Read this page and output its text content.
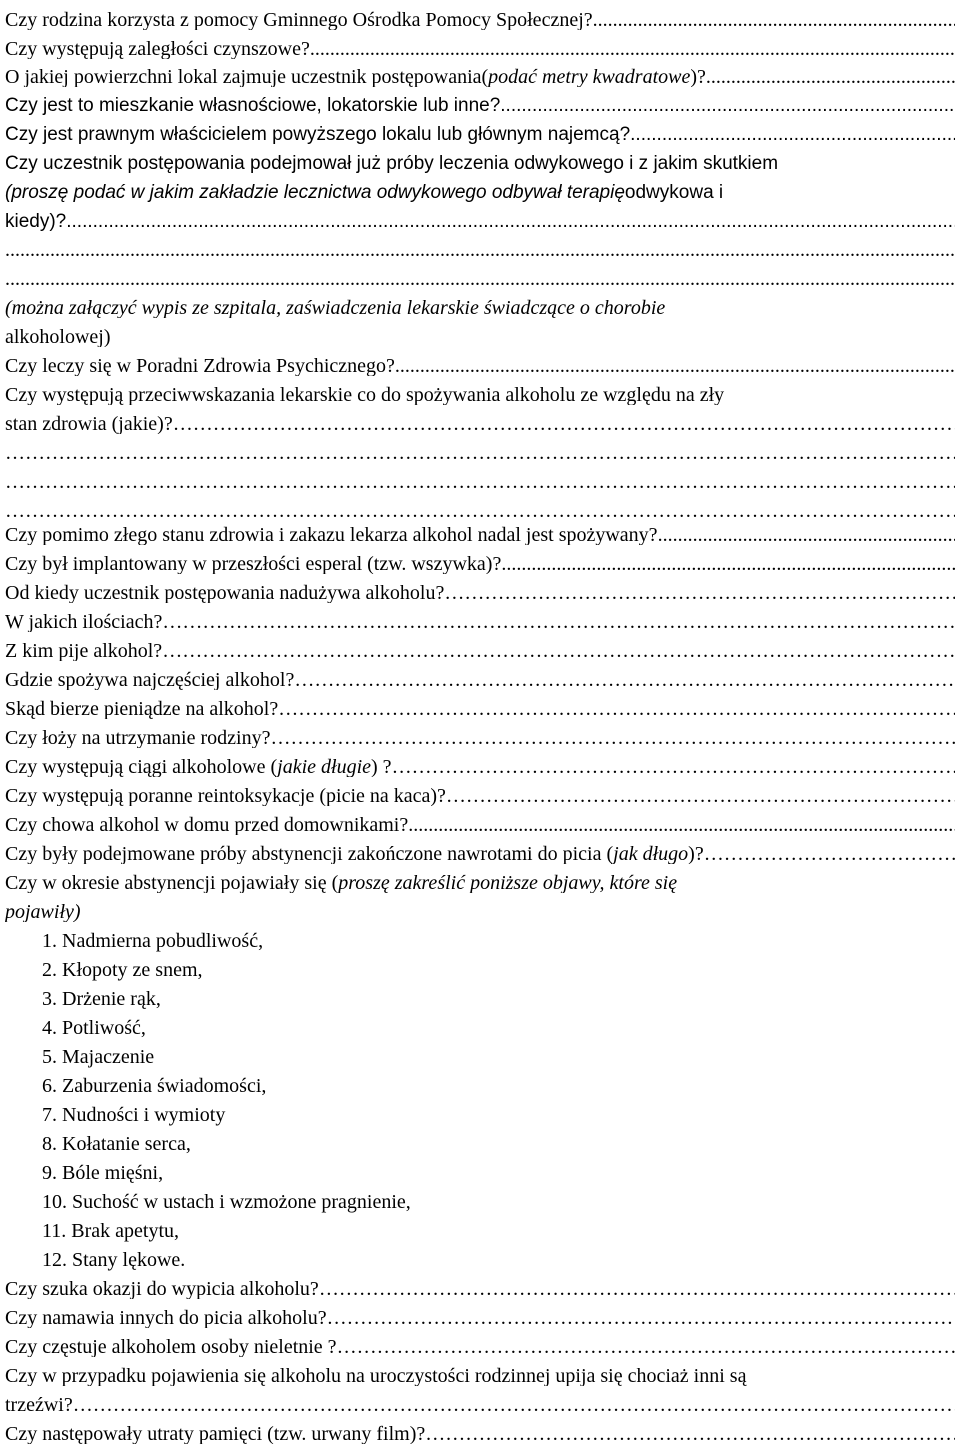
Czy rodzina korzysta z pomocy Gminnego Ośrodka Pomocy Społecznej?
.....
Czy występują zaległości czynszowe?
.....
O jakiej powierzchni lokal zajmuje uczestnik postępowania( podać metry kwadratowe )?
.....
Czy jest to mieszkanie własnościowe, lokatorskie lub inne?
.....
Czy jest prawnym właścicielem powyższego lokalu lub głównym najemcą?
.....
Czy uczestnik postępowania podejmował już próby leczenia odwykowego i z jakim skutkiem
(proszę podać w jakim zakładzie lecznictwa odwykowego odbywał terapię odwykowa i
kiedy)?
.....
.....
.....
(można załączyć wypis ze szpitala, zaświadczenia lekarskie świadczące o chorobie
alkoholowej)
Czy leczy się w Poradni Zdrowia Psychicznego?
.....
Czy występują przeciwwskazania lekarskie co do spożywania alkoholu ze względu na zły
stan zdrowia (jakie)?
……………………………………………………………………………………………………………………………………………………………………………………………………………………………………………………
……………………………………………………………………………………………………………………………………………………………………………………………………………………………………………………
……………………………………………………………………………………………………………………………………………………………………………………………………………………………………………………
……………………………………………………………………………………………………………………………………………………………………………………………………………………………………………………
Czy pomimo złego stanu zdrowia i zakazu lekarza alkohol nadal jest spożywany?
.....
Czy był implantowany w przeszłości esperal (tzw. wszywka)?
.....
Od kiedy uczestnik postępowania nadużywa alkoholu?
……………………………………………………………………………………………………………………………………………………………………………………………………………………………………………………
W jakich ilościach?
……………………………………………………………………………………………………………………………………………………………………………………………………………………………………………………
Z kim pije alkohol?
……………………………………………………………………………………………………………………………………………………………………………………………………………………………………………………
Gdzie spożywa najczęściej alkohol?
……………………………………………………………………………………………………………………………………………………………………………………………………………………………………………………
Skąd bierze pieniądze na alkohol?
……………………………………………………………………………………………………………………………………………………………………………………………………………………………………………………
Czy łoży na utrzymanie rodziny?
……………………………………………………………………………………………………………………………………………………………………………………………………………………………………………………
Czy występują ciągi alkoholowe ( jakie długie ) ?
……………………………………………………………………………………………………………………………………………………………………………………………………………………………………………………
Czy występują poranne reintoksykacje (picie na kaca)?
……………………………………………………………………………………………………………………………………………………………………………………………………………………………………………………
Czy chowa alkohol w domu przed domownikami?
.....
Czy były podejmowane próby abstynencji zakończone nawrotami do picia ( jak długo )?
……………………………………………………………………………………………………………………………………………………………………………………………………………………………………………………
Czy w okresie abstynencji pojawiały się ( proszę zakreślić poniższe objawy, które się
pojawiły)
1. Nadmierna pobudliwość,
2. Kłopoty ze snem,
3. Drżenie rąk,
4. Potliwość,
5. Majaczenie
6. Zaburzenia świadomości,
7. Nudności i wymioty
8. Kołatanie serca,
9. Bóle mięśni,
10. Suchość w ustach i wzmożone pragnienie,
11. Brak apetytu,
12. Stany lękowe.
Czy szuka okazji do wypicia alkoholu?
……………………………………………………………………………………………………………………………………………………………………………………………………………………………………………………
Czy namawia innych do picia alkoholu?
……………………………………………………………………………………………………………………………………………………………………………………………………………………………………………………
Czy częstuje alkoholem osoby nieletnie ?
……………………………………………………………………………………………………………………………………………………………………………………………………………………………………………………
Czy w przypadku pojawienia się alkoholu na uroczystości rodzinnej upija się chociaż inni są
trzeźwi?
……………………………………………………………………………………………………………………………………………………………………………………………………………………………………………………
Czy następowały utraty pamięci (tzw. urwany film)?
……………………………………………………………………………………………………………………………………………………………………………………………………………………………………………………
